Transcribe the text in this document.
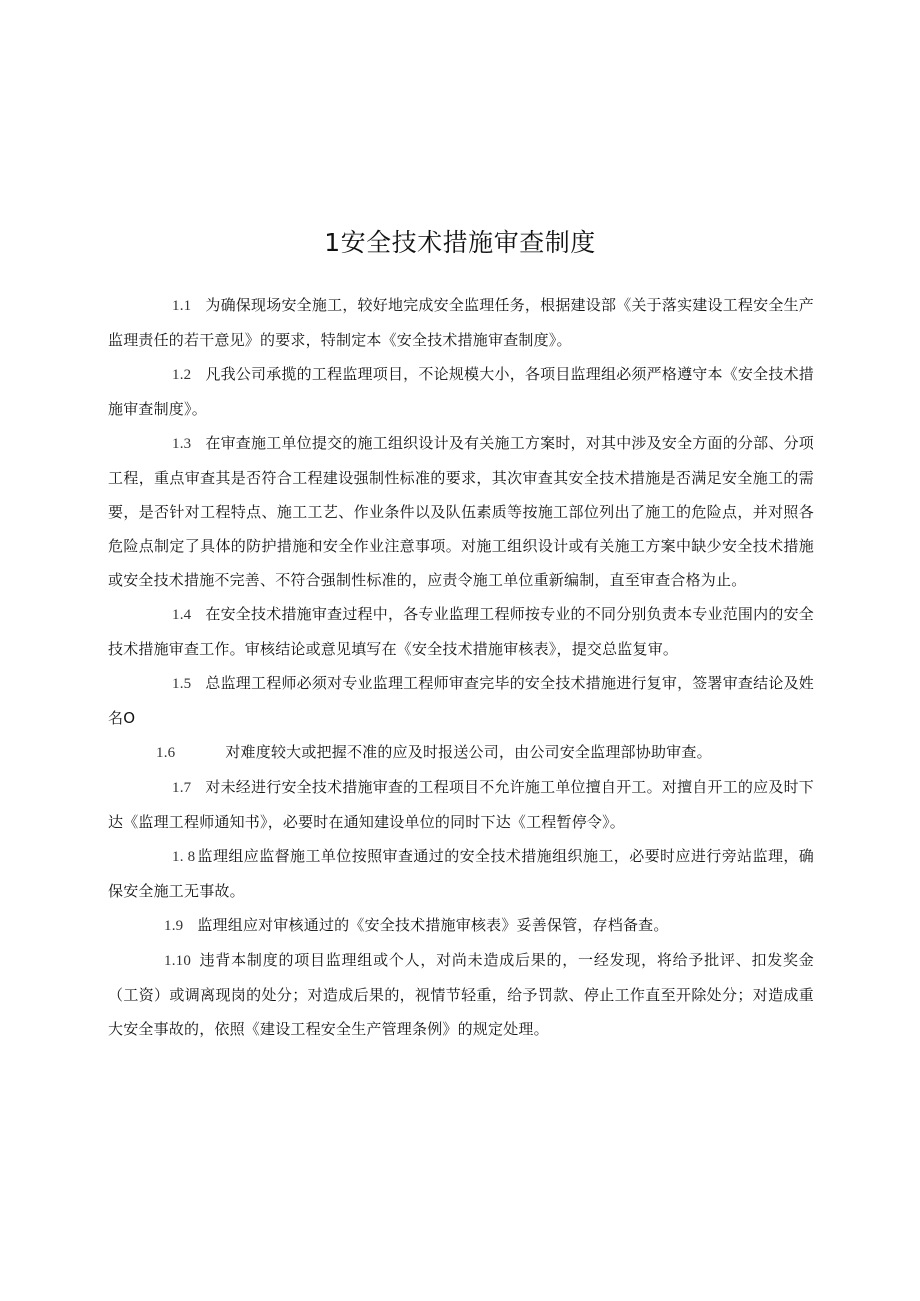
1安全技术措施审查制度

1.1 为确保现场安全施工，较好地完成安全监理任务，根据建设部《关于落实建设工程安全生产监理责任的若干意见》的要求，特制定本《安全技术措施审查制度》。

1.2 凡我公司承揽的工程监理项目，不论规模大小，各项目监理组必须严格遵守本《安全技术措施审查制度》。

1.3 在审查施工单位提交的施工组织设计及有关施工方案时，对其中涉及安全方面的分部、分项工程，重点审查其是否符合工程建设强制性标准的要求，其次审查其安全技术措施是否满足安全施工的需要，是否针对工程特点、施工工艺、作业条件以及队伍素质等按施工部位列出了施工的危险点，并对照各危险点制定了具体的防护措施和安全作业注意事项。对施工组织设计或有关施工方案中缺少安全技术措施或安全技术措施不完善、不符合强制性标准的，应责令施工单位重新编制，直至审查合格为止。

1.4 在安全技术措施审查过程中，各专业监理工程师按专业的不同分别负责本专业范围内的安全技术措施审查工作。审核结论或意见填写在《安全技术措施审核表》，提交总监复审。

1.5 总监理工程师必须对专业监理工程师审查完毕的安全技术措施进行复审，签署审查结论及姓名O

1.6	对难度较大或把握不准的应及时报送公司，由公司安全监理部协助审查。

1.7 对未经进行安全技术措施审查的工程项目不允许施工单位擅自开工。对擅自开工的应及时下达《监理工程师通知书》，必要时在通知建设单位的同时下达《工程暂停令》。

1. 8 监理组应监督施工单位按照审查通过的安全技术措施组织施工，必要时应进行旁站监理，确保安全施工无事故。

1.9 监理组应对审核通过的《安全技术措施审核表》妥善保管，存档备查。

1.10 违背本制度的项目监理组或个人，对尚未造成后果的，一经发现，将给予批评、扣发奖金（工资）或调离现岗的处分；对造成后果的，视情节轻重，给予罚款、停止工作直至开除处分；对造成重大安全事故的，依照《建设工程安全生产管理条例》的规定处理。
